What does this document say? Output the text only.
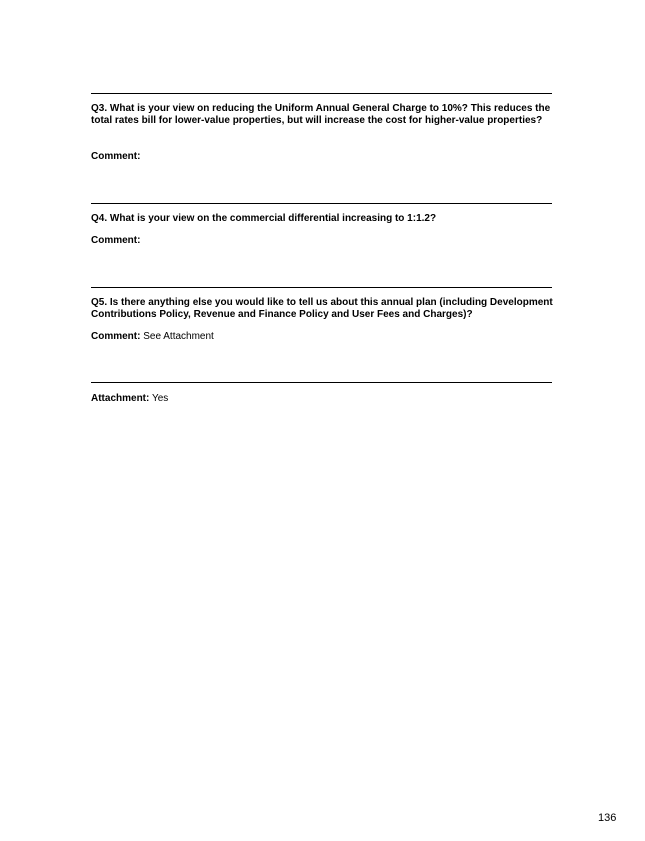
Q3. What is your view on reducing the Uniform Annual General Charge to 10%? This reduces the total rates bill for lower-value properties, but will increase the cost for higher-value properties?

Comment:

Q4. What is your view on the commercial differential increasing to 1:1.2?

Comment:

Q5. Is there anything else you would like to tell us about this annual plan (including Development Contributions Policy, Revenue and Finance Policy and User Fees and Charges)?

Comment: See Attachment

Attachment: Yes

136
